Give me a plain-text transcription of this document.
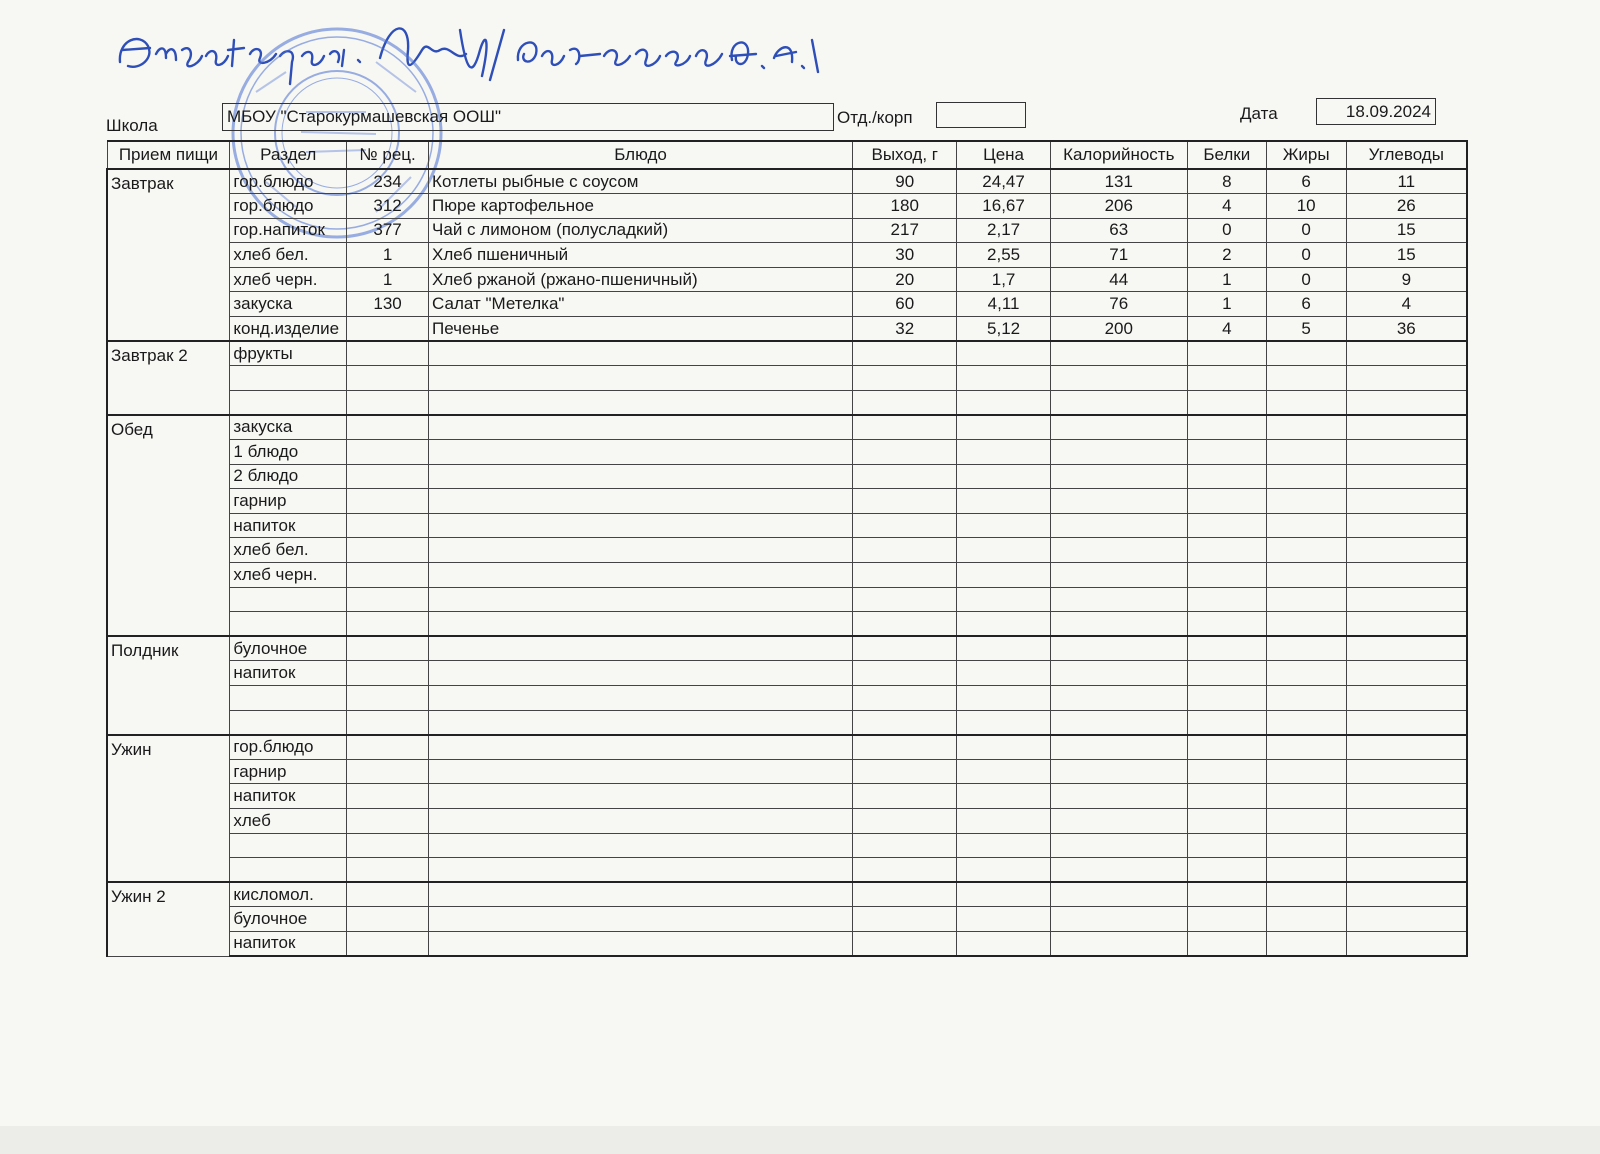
Школа	МБОУ "Старокурмашевская ООШ"	Отд./корп	Дата	18.09.2024
Прием пищи	Раздел	№ рец.	Блюдо	Выход, г	Цена	Калорийность	Белки	Жиры	Углеводы
Завтрак	гор.блюдо	234	Котлеты рыбные с соусом	90	24,47	131	8	6	11
	гор.блюдо	312	Пюре картофельное	180	16,67	206	4	10	26
	гор.напиток	377	Чай с лимоном (полусладкий)	217	2,17	63	0	0	15
	хлеб бел.	1	Хлеб пшеничный	30	2,55	71	2	0	15
	хлеб черн.	1	Хлеб ржаной (ржано-пшеничный)	20	1,7	44	1	0	9
	закуска	130	Салат "Метелка"	60	4,11	76	1	6	4
	конд.изделие		Печенье	32	5,12	200	4	5	36
Завтрак 2	фрукты								

Обед	закуска								
	1 блюдо								
	2 блюдо								
	гарнир								
	напиток								
	хлеб бел.								
	хлеб черн.								

Полдник	булочное								
	напиток								

Ужин	гор.блюдо								
	гарнир								
	напиток								
	хлеб								

Ужин 2	кисломол.								
	булочное								
	напиток								
